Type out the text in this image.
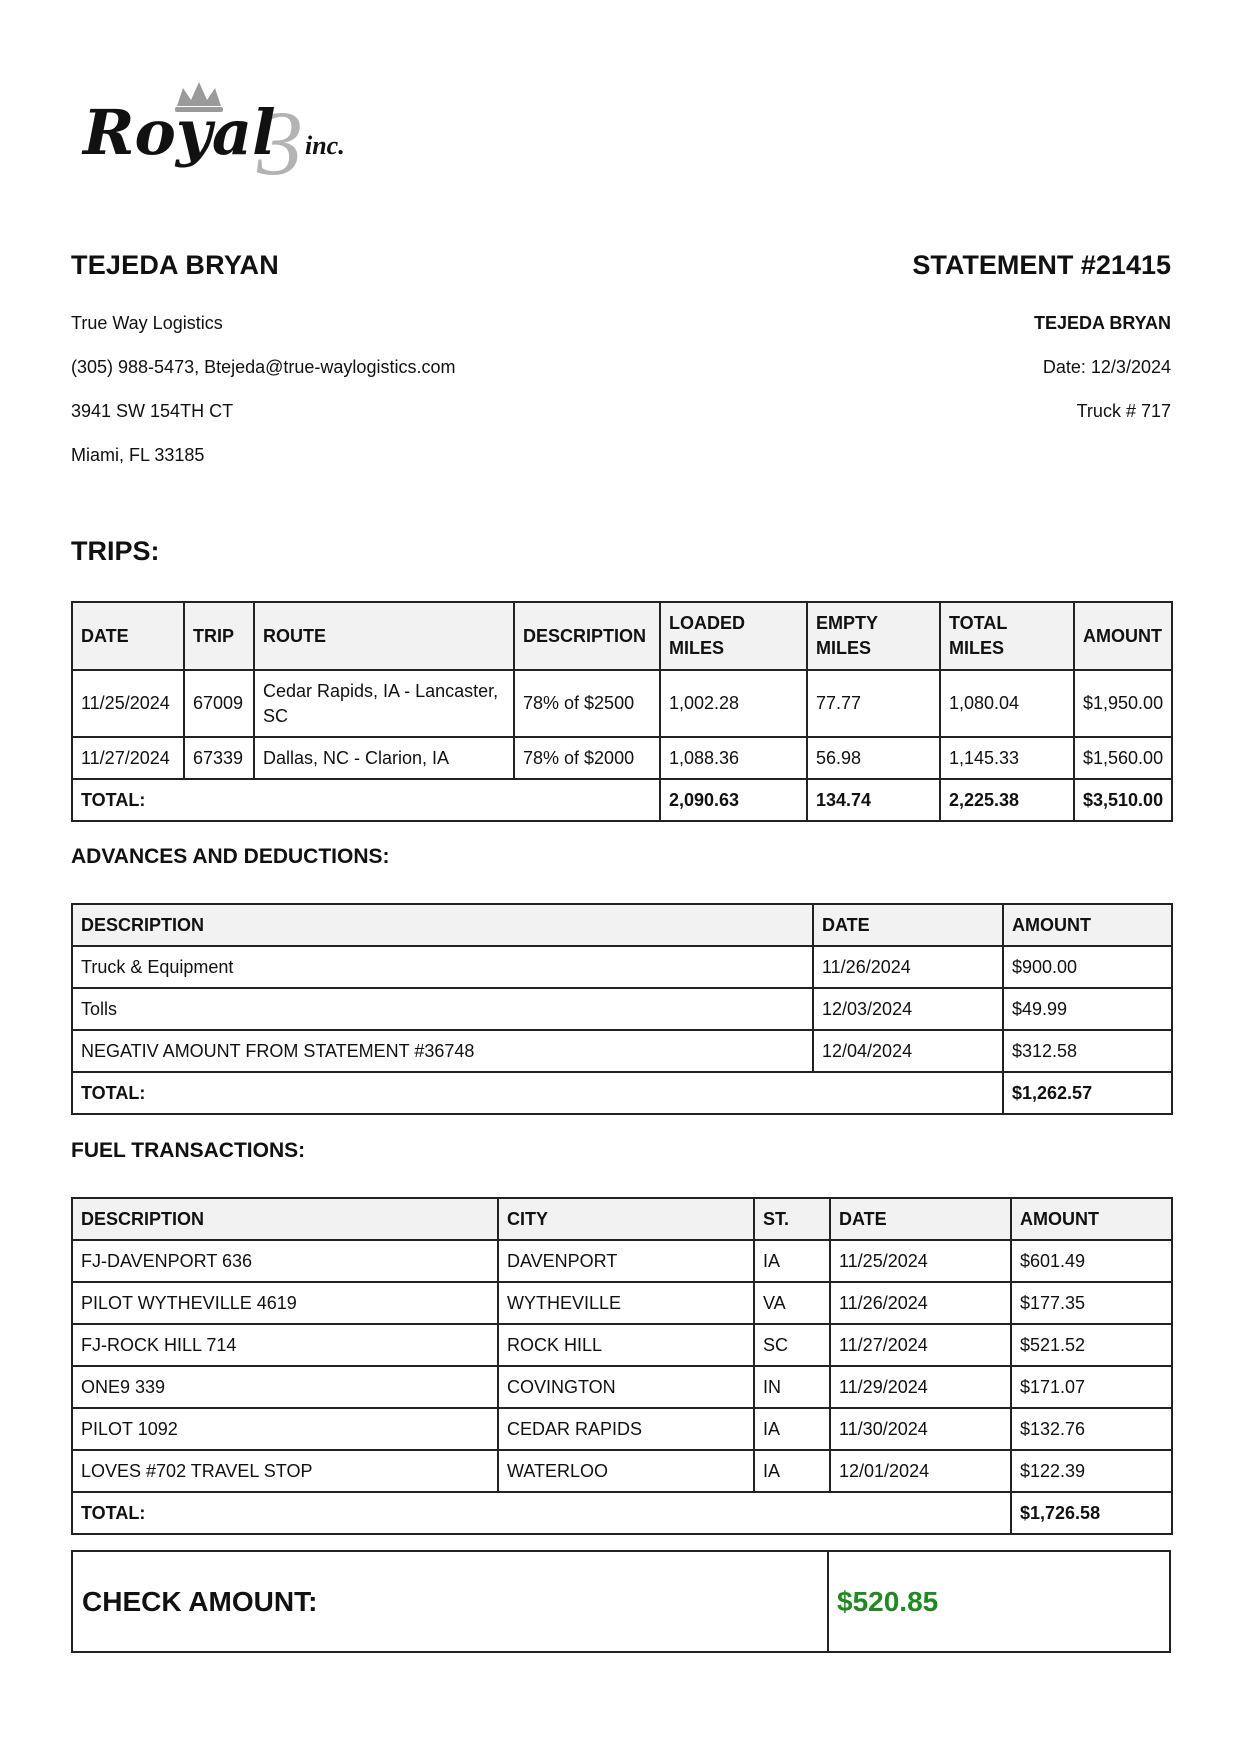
3
Royal inc.
TEJEDA BRYAN
True Way Logistics
(305) 988-5473, Btejeda@true-waylogistics.com
3941 SW 154TH CT
Miami, FL 33185
STATEMENT #21415
TEJEDA BRYAN
Date: 12/3/2024
Truck # 717
TRIPS:
DATE	TRIP	ROUTE	DESCRIPTION	LOADED MILES	EMPTY MILES	TOTAL MILES	AMOUNT
11/25/2024	67009	Cedar Rapids, IA - Lancaster, SC	78% of $2500	1,002.28	77.77	1,080.04	$1,950.00
11/27/2024	67339	Dallas, NC - Clarion, IA	78% of $2000	1,088.36	56.98	1,145.33	$1,560.00
TOTAL:				2,090.63	134.74	2,225.38	$3,510.00
ADVANCES AND DEDUCTIONS:
DESCRIPTION	DATE	AMOUNT
Truck & Equipment	11/26/2024	$900.00
Tolls	12/03/2024	$49.99
NEGATIV AMOUNT FROM STATEMENT #36748	12/04/2024	$312.58
TOTAL:		$1,262.57
FUEL TRANSACTIONS:
DESCRIPTION	CITY	ST.	DATE	AMOUNT
FJ-DAVENPORT 636	DAVENPORT	IA	11/25/2024	$601.49
PILOT WYTHEVILLE 4619	WYTHEVILLE	VA	11/26/2024	$177.35
FJ-ROCK HILL 714	ROCK HILL	SC	11/27/2024	$521.52
ONE9 339	COVINGTON	IN	11/29/2024	$171.07
PILOT 1092	CEDAR RAPIDS	IA	11/30/2024	$132.76
LOVES #702 TRAVEL STOP	WATERLOO	IA	12/01/2024	$122.39
TOTAL:				$1,726.58
CHECK AMOUNT:	$520.85
